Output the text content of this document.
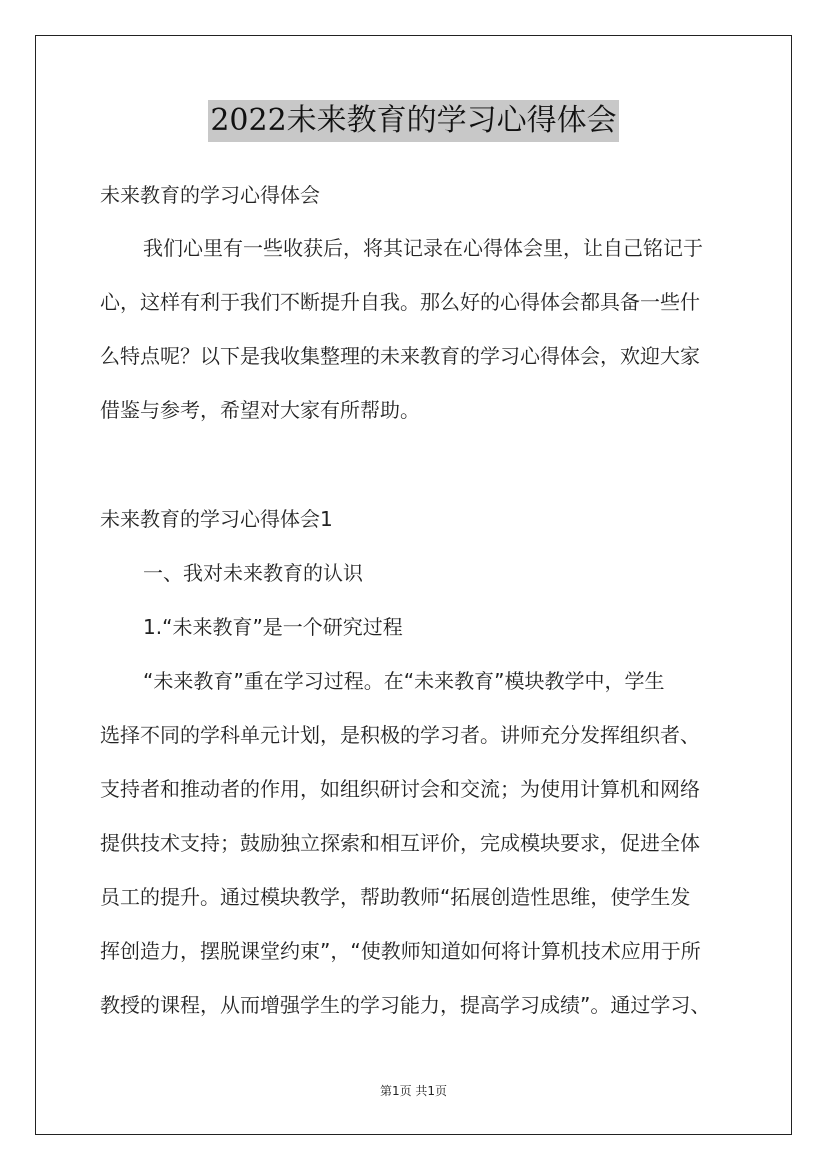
2022未来教育的学习心得体会
未来教育的学习心得体会
我们心里有一些收获后，将其记录在心得体会里，让自己铭记于
心，这样有利于我们不断提升自我。那么好的心得体会都具备一些什
么特点呢？以下是我收集整理的未来教育的学习心得体会，欢迎大家
借鉴与参考，希望对大家有所帮助。
未来教育的学习心得体会1
一、我对未来教育的认识
1.“未来教育”是一个研究过程
“未来教育”重在学习过程。在“未来教育”模块教学中，学生
选择不同的学科单元计划，是积极的学习者。讲师充分发挥组织者、
支持者和推动者的作用，如组织研讨会和交流；为使用计算机和网络
提供技术支持；鼓励独立探索和相互评价，完成模块要求，促进全体
员工的提升。通过模块教学，帮助教师“拓展创造性思维，使学生发
挥创造力，摆脱课堂约束”，“使教师知道如何将计算机技术应用于所
教授的课程，从而增强学生的学习能力，提高学习成绩”。通过学习、
第1页 共1页
